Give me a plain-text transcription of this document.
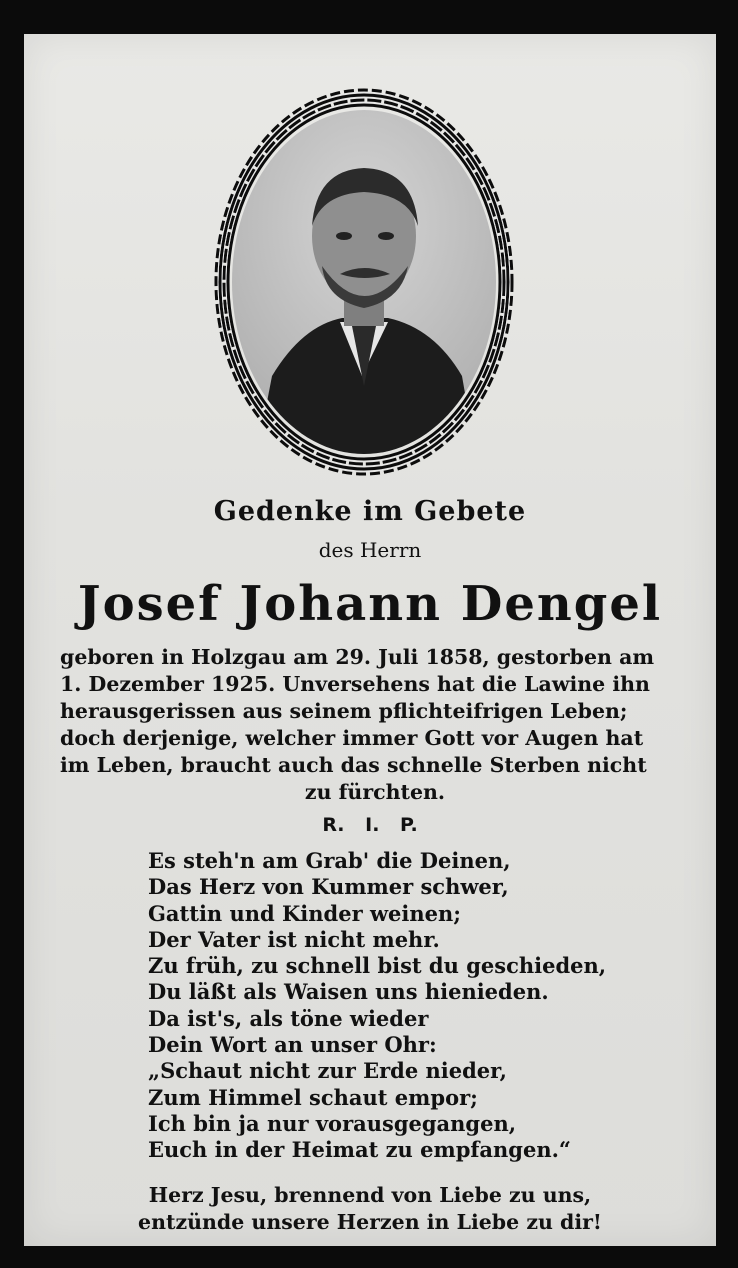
Gedenke im Gebete
des Herrn
Josef Johann Dengel
geboren in Holzgau am 29. Juli 1858, gestorben am
1. Dezember 1925. Unversehens hat die Lawine ihn
herausgerissen aus seinem pflichteifrigen Leben;
doch derjenige, welcher immer Gott vor Augen hat
im Leben, braucht auch das schnelle Sterben nicht
zu fürchten.
R. I. P.
Es steh'n am Grab' die Deinen,
Das Herz von Kummer schwer,
Gattin und Kinder weinen;
Der Vater ist nicht mehr.
Zu früh, zu schnell bist du geschieden,
Du läßt als Waisen uns hienieden.
Da ist's, als töne wieder
Dein Wort an unser Ohr:
„Schaut nicht zur Erde nieder,
Zum Himmel schaut empor;
Ich bin ja nur vorausgegangen,
Euch in der Heimat zu empfangen.“
Herz Jesu, brennend von Liebe zu uns,
entzünde unsere Herzen in Liebe zu dir!
